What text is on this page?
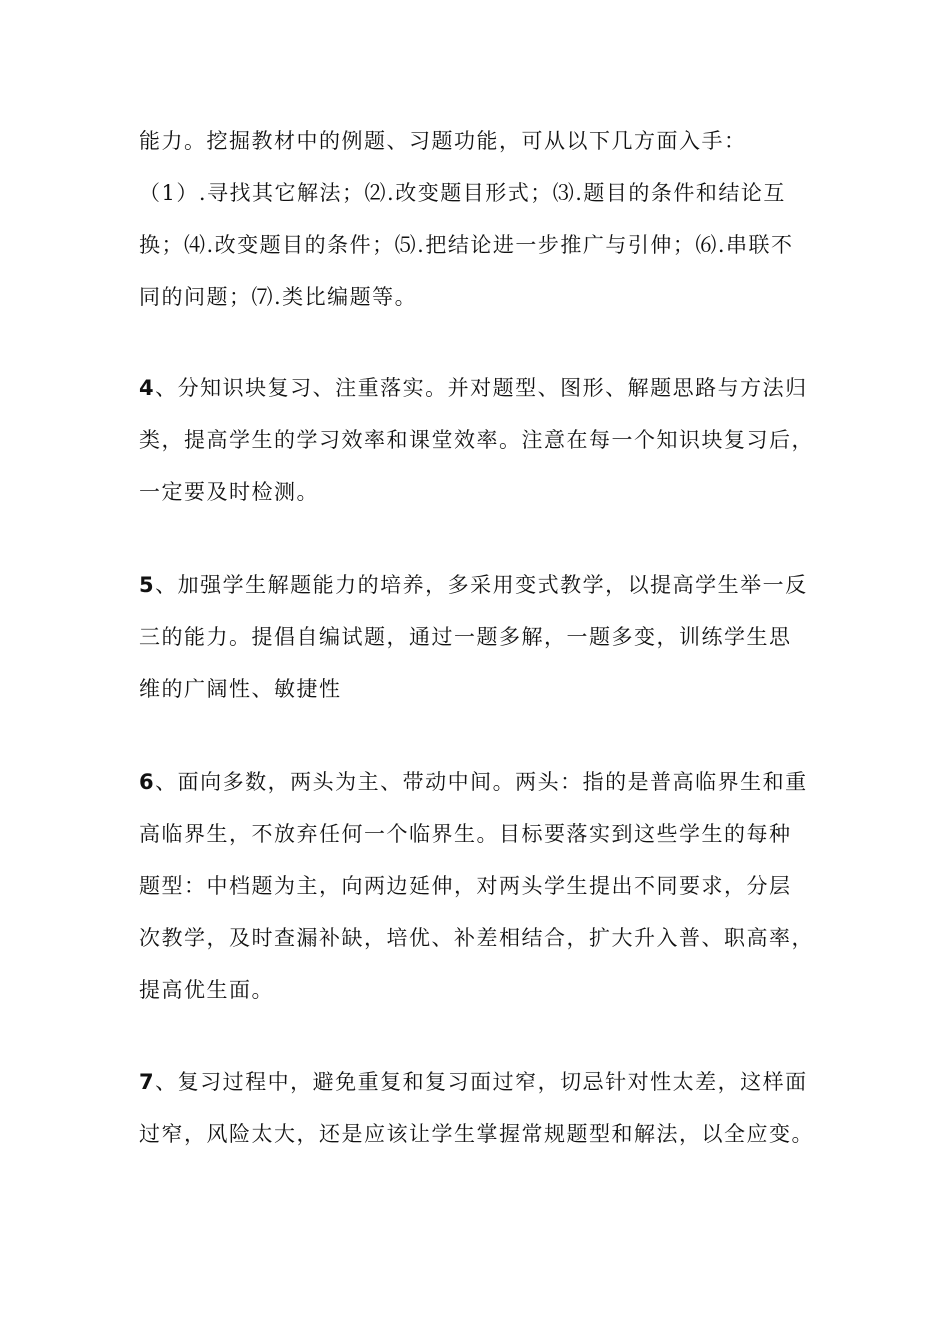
能力。挖掘教材中的例题、习题功能，可从以下几方面入手：
（1）.寻找其它解法；⑵.改变题目形式；⑶.题目的条件和结论互
换；⑷.改变题目的条件；⑸.把结论进一步推广与引伸；⑹.串联不
同的问题；⑺.类比编题等。
4、分知识块复习、注重落实。并对题型、图形、解题思路与方法归
类，提高学生的学习效率和课堂效率。注意在每一个知识块复习后，
一定要及时检测。
5、加强学生解题能力的培养，多采用变式教学，以提高学生举一反
三的能力。提倡自编试题，通过一题多解，一题多变，训练学生思
维的广阔性、敏捷性
6、面向多数，两头为主、带动中间。两头：指的是普高临界生和重
高临界生，不放弃任何一个临界生。目标要落实到这些学生的每种
题型：中档题为主，向两边延伸，对两头学生提出不同要求，分层
次教学，及时查漏补缺，培优、补差相结合，扩大升入普、职高率，
提高优生面。
7、复习过程中，避免重复和复习面过窄，切忌针对性太差，这样面
过窄，风险太大，还是应该让学生掌握常规题型和解法，以全应变。
